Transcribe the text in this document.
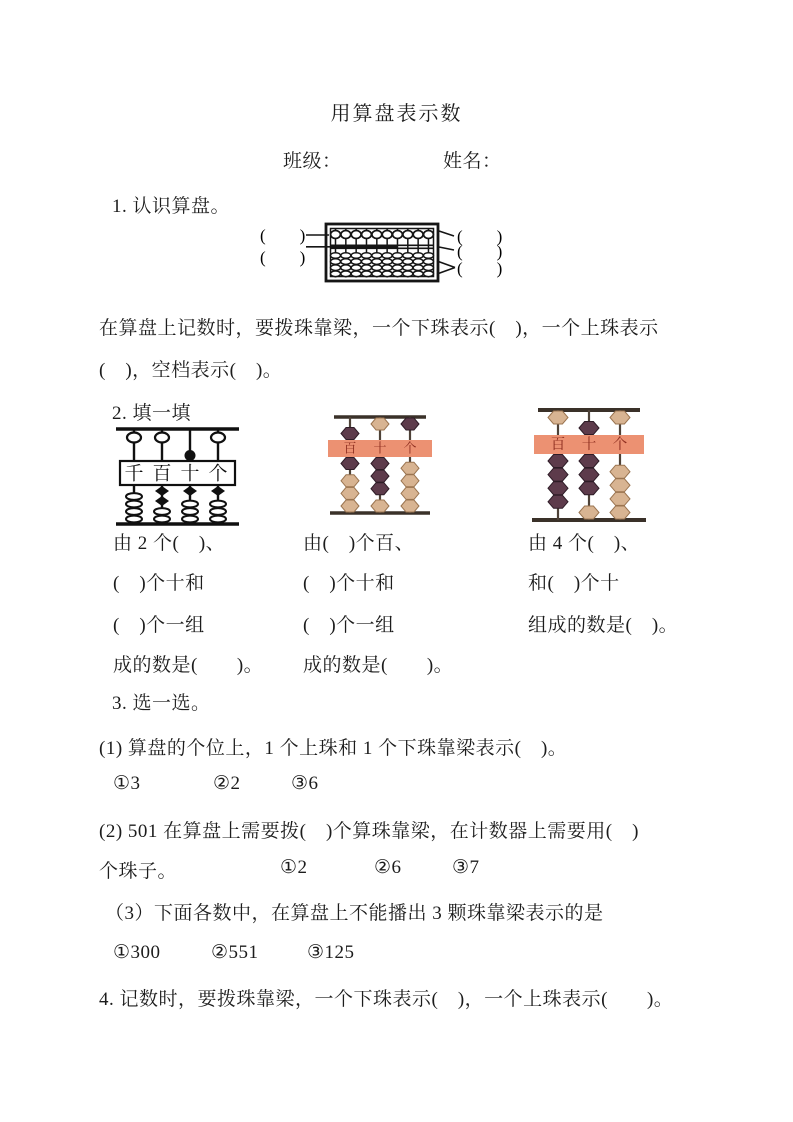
用算盘表示数
班级：	姓名：
1. 认识算盘。
(　　)
(　　)
(　　)
(　　)
(　　)
在算盘上记数时，要拨珠靠梁，一个下珠表示(　)，一个上珠表示
(　)，空档表示(　)。
2. 填一填
千 百 十 个
百 十 个	百 十 个
由 2 个(　)、
(　)个十和
(　)个一组
成的数是(　　)。
由(　)个百、
(　)个十和
(　)个一组
成的数是(　　)。
由 4 个(　)、
和(　)个十
组成的数是(　)。
3. 选一选。
(1) 算盘的个位上，1 个上珠和 1 个下珠靠梁表示(　)。
①3	②2	③6
(2) 501 在算盘上需要拨(　)个算珠靠梁，在计数器上需要用(　)
个珠子。	①2	②6	③7
（3）下面各数中，在算盘上不能播出 3 颗珠靠梁表示的是
①300	②551	③125
4. 记数时，要拨珠靠梁，一个下珠表示(　)，一个上珠表示(　　)。
